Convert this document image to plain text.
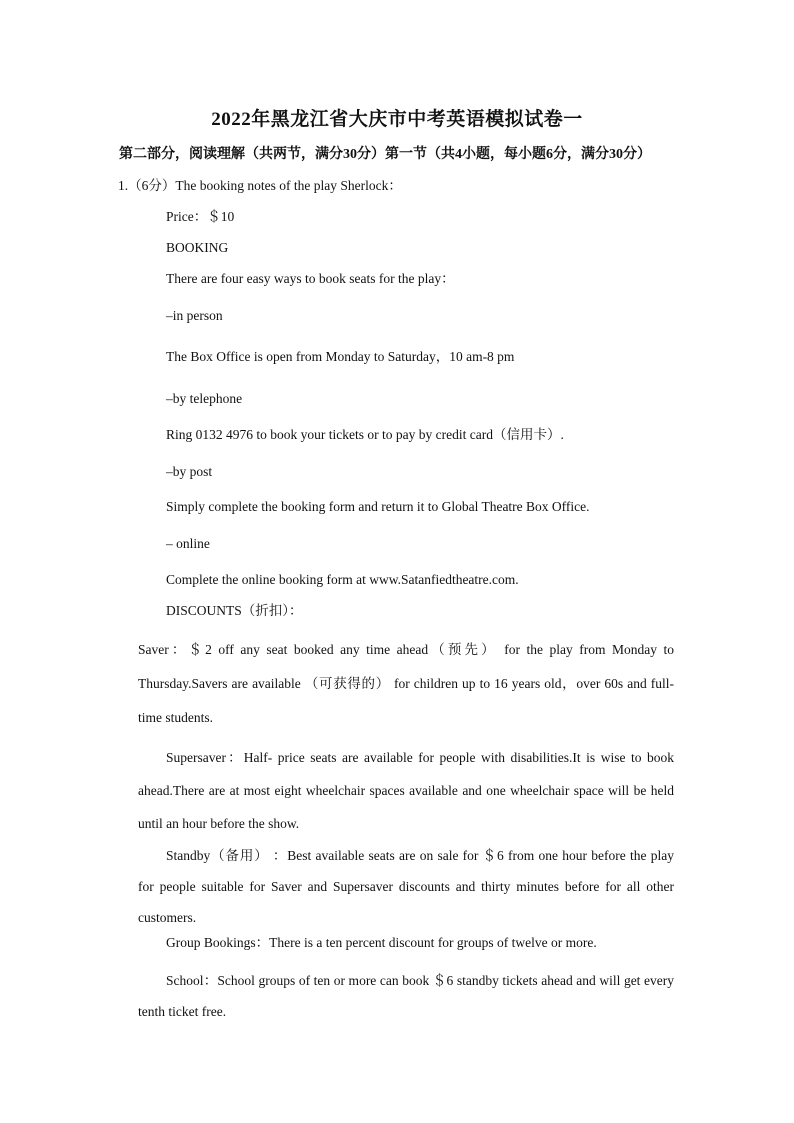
2022年黑龙江省大庆市中考英语模拟试卷一
第二部分，阅读理解（共两节，满分30分）第一节（共4小题，每小题6分，满分30分）
1.（6分）The booking notes of the play Sherlock：
Price：＄10
BOOKING
There are four easy ways to book seats for the play：
–in person
The Box Office is open from Monday to Saturday，10 am-8 pm
–by telephone
Ring 0132 4976 to book your tickets or to pay by credit card（信用卡）.
–by post
Simply complete the booking form and return it to Global Theatre Box Office.
– online
Complete the online booking form at www.Satanfiedtheatre.com.
DISCOUNTS（折扣）：

Saver：＄2 off any seat booked any time ahead（预先） for the play from Monday to Thursday.Savers are available （可获得的） for children up to 16 years old，over 60s and full-time students.

Supersaver：Half- price seats are available for people with disabilities.It is wise to book ahead.There are at most eight wheelchair spaces available and one wheelchair space will be held until an hour before the show.

Standby（备用） ：Best available seats are on sale for ＄6 from one hour before the play for people suitable for Saver and Supersaver discounts and thirty minutes before for all other customers.

Group Bookings：There is a ten percent discount for groups of twelve or more.

School：School groups of ten or more can book ＄6 standby tickets ahead and will get every tenth ticket free.
